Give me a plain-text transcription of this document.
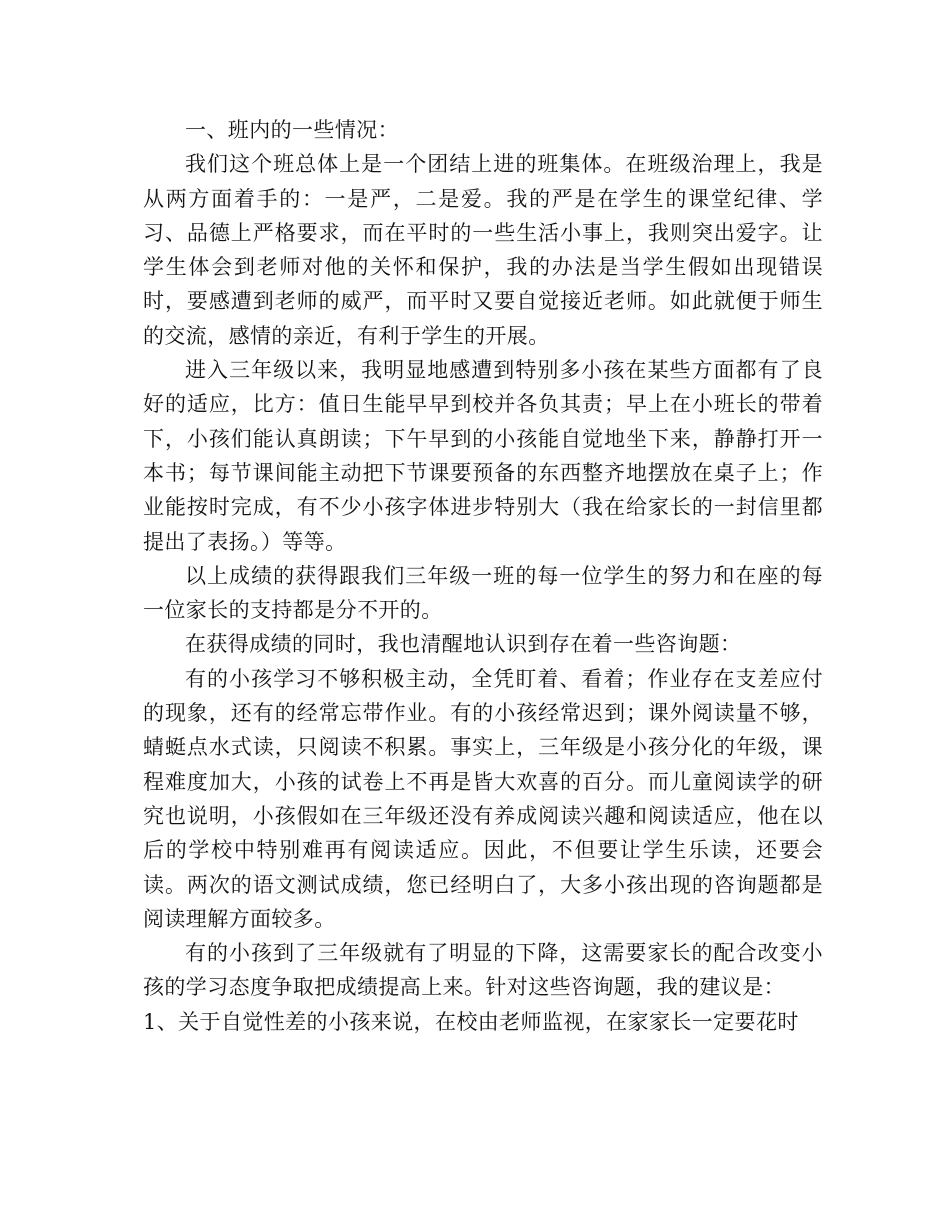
一、班内的一些情况：

我们这个班总体上是一个团结上进的班集体。在班级治理上，我是从两方面着手的：一是严，二是爱。我的严是在学生的课堂纪律、学习、品德上严格要求，而在平时的一些生活小事上，我则突出爱字。让学生体会到老师对他的关怀和保护，我的办法是当学生假如出现错误时，要感遭到老师的威严，而平时又要自觉接近老师。如此就便于师生的交流，感情的亲近，有利于学生的开展。

进入三年级以来，我明显地感遭到特别多小孩在某些方面都有了良好的适应，比方：值日生能早早到校并各负其责；早上在小班长的带着下，小孩们能认真朗读；下午早到的小孩能自觉地坐下来，静静打开一本书；每节课间能主动把下节课要预备的东西整齐地摆放在桌子上；作业能按时完成，有不少小孩字体进步特别大（我在给家长的一封信里都提出了表扬。）等等。

以上成绩的获得跟我们三年级一班的每一位学生的努力和在座的每一位家长的支持都是分不开的。

在获得成绩的同时，我也清醒地认识到存在着一些咨询题：

有的小孩学习不够积极主动，全凭盯着、看着；作业存在支差应付的现象，还有的经常忘带作业。有的小孩经常迟到；课外阅读量不够，蜻蜓点水式读，只阅读不积累。事实上，三年级是小孩分化的年级，课程难度加大，小孩的试卷上不再是皆大欢喜的百分。而儿童阅读学的研究也说明，小孩假如在三年级还没有养成阅读兴趣和阅读适应，他在以后的学校中特别难再有阅读适应。因此，不但要让学生乐读，还要会读。两次的语文测试成绩，您已经明白了，大多小孩出现的咨询题都是阅读理解方面较多。

有的小孩到了三年级就有了明显的下降，这需要家长的配合改变小孩的学习态度争取把成绩提高上来。针对这些咨询题，我的建议是：

1、关于自觉性差的小孩来说，在校由老师监视，在家家长一定要花时
